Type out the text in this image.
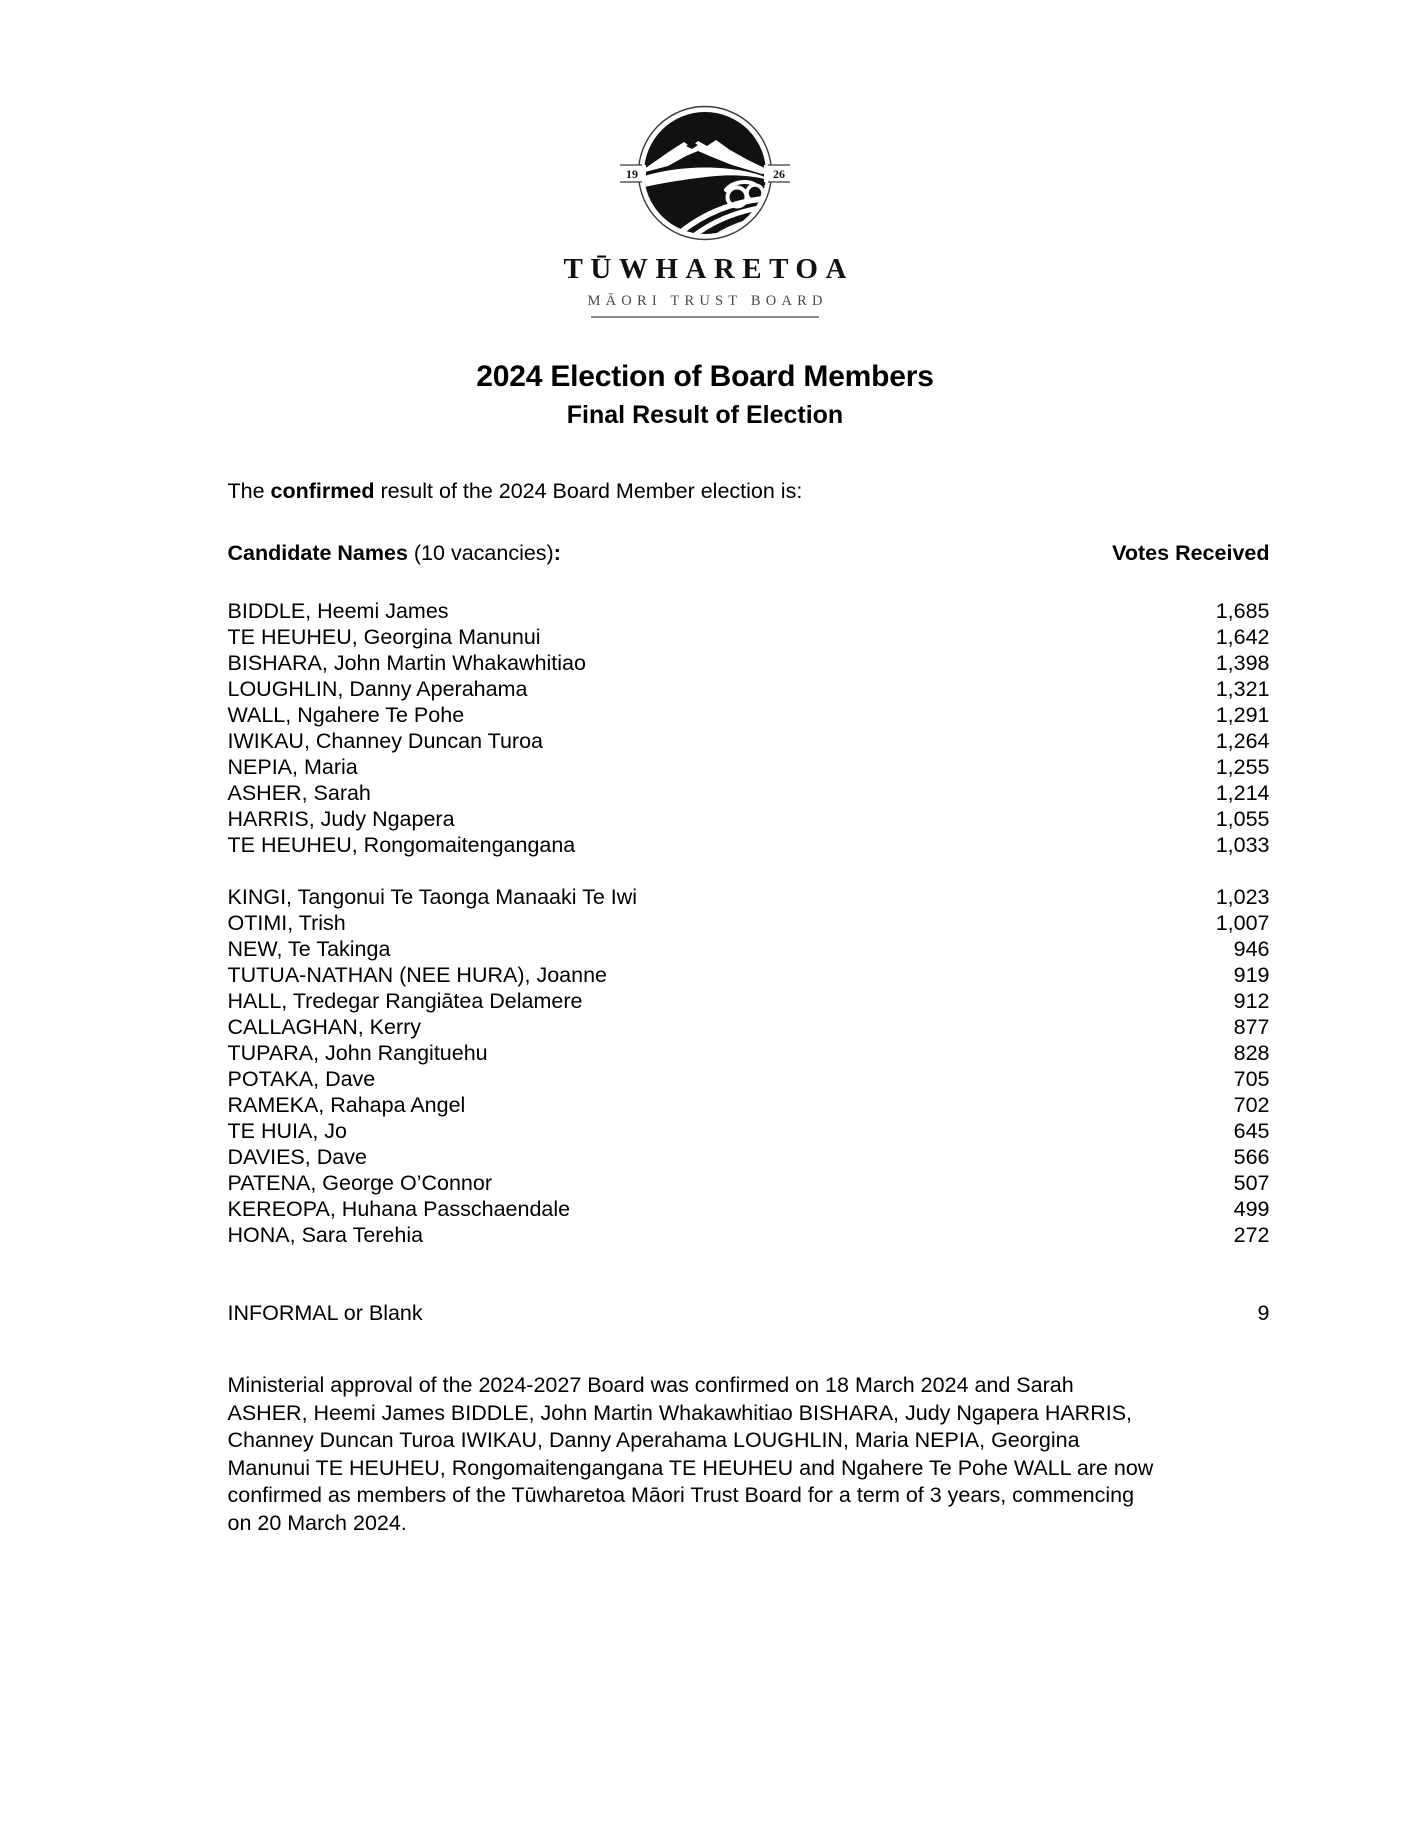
19	26
TŪWHARETOA
MĀORI TRUST BOARD
2024 Election of Board Members
Final Result of Election
The confirmed result of the 2024 Board Member election is:
Candidate Names (10 vacancies):	Votes Received
BIDDLE, Heemi James	1,685
TE HEUHEU, Georgina Manunui	1,642
BISHARA, John Martin Whakawhitiao	1,398
LOUGHLIN, Danny Aperahama	1,321
WALL, Ngahere Te Pohe	1,291
IWIKAU, Channey Duncan Turoa	1,264
NEPIA, Maria	1,255
ASHER, Sarah	1,214
HARRIS, Judy Ngapera	1,055
TE HEUHEU, Rongomaitengangana	1,033
KINGI, Tangonui Te Taonga Manaaki Te Iwi	1,023
OTIMI, Trish	1,007
NEW, Te Takinga	946
TUTUA-NATHAN (NEE HURA), Joanne	919
HALL, Tredegar Rangiātea Delamere	912
CALLAGHAN, Kerry	877
TUPARA, John Rangituehu	828
POTAKA, Dave	705
RAMEKA, Rahapa Angel	702
TE HUIA, Jo	645
DAVIES, Dave	566
PATENA, George O’Connor	507
KEREOPA, Huhana Passchaendale	499
HONA, Sara Terehia	272
INFORMAL or Blank	9
Ministerial approval of the 2024-2027 Board was confirmed on 18 March 2024 and Sarah ASHER, Heemi James BIDDLE, John Martin Whakawhitiao BISHARA, Judy Ngapera HARRIS, Channey Duncan Turoa IWIKAU, Danny Aperahama LOUGHLIN, Maria NEPIA, Georgina Manunui TE HEUHEU, Rongomaitengangana TE HEUHEU and Ngahere Te Pohe WALL are now confirmed as members of the Tūwharetoa Māori Trust Board for a term of 3 years, commencing on 20 March 2024.
